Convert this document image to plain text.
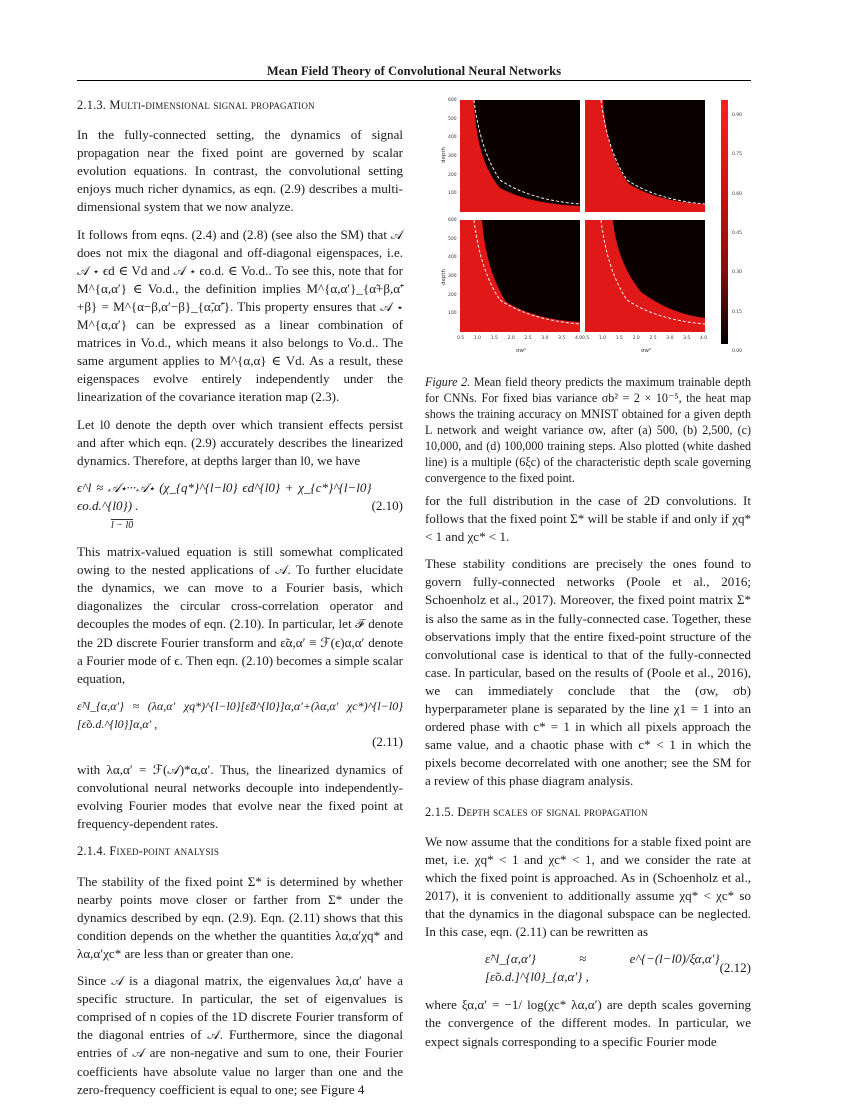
Mean Field Theory of Convolutional Neural Networks
2.1.3. Multi-dimensional signal propagation

In the fully-connected setting, the dynamics of signal propagation near the fixed point are governed by scalar evolution equations. In contrast, the convolutional setting enjoys much richer dynamics, as eqn. (2.9) describes a multi-dimensional system that we now analyze.

It follows from eqns. (2.4) and (2.8) (see also the SM) that 𝒜 does not mix the diagonal and off-diagonal eigenspaces, i.e. 𝒜 ⋆ ϵd ∈ Vd and 𝒜 ⋆ ϵo.d. ∈ Vo.d.. To see this, note that for M^{α,α′} ∈ Vo.d., the definition implies M^{α,α′}_{α̃+β,α̃′+β} = M^{α−β,α′−β}_{α̃,α̃′}. This property ensures that 𝒜 ⋆ M^{α,α′} can be expressed as a linear combination of matrices in Vo.d., which means it also belongs to Vo.d.. The same argument applies to M^{α,α} ∈ Vd. As a result, these eigenspaces evolve entirely independently under the linearization of the covariance iteration map (2.3).

Let l0 denote the depth over which transient effects persist and after which eqn. (2.9) accurately describes the linearized dynamics. Therefore, at depths larger than l0, we have

ϵ^l ≈ 𝒜⋆···𝒜⋆ (χ_{q*}^{l−l0} ϵd^{l0} + χ_{c*}^{l−l0} ϵo.d.^{l0}) .

l − l0
(2.10)

This matrix-valued equation is still somewhat complicated owing to the nested applications of 𝒜. To further elucidate the dynamics, we can move to a Fourier basis, which diagonalizes the circular cross-correlation operator and decouples the modes of eqn. (2.10). In particular, let ℱ denote the 2D discrete Fourier transform and ε̃α,α′ ≡ ℱ(ϵ)α,α′ denote a Fourier mode of ϵ. Then eqn. (2.10) becomes a simple scalar equation,

ε̃^l_{α,α′} ≈ (λα,α′ χq*)^{l−l0}[ε̃d^{l0}]α,α′+(λα,α′ χc*)^{l−l0}[ε̃o.d.^{l0}]α,α′ ,
(2.11)

with λα,α′ = ℱ(𝒜)*α,α′. Thus, the linearized dynamics of convolutional neural networks decouple into independently-evolving Fourier modes that evolve near the fixed point at frequency-dependent rates.

2.1.4. Fixed-point analysis

The stability of the fixed point Σ* is determined by whether nearby points move closer or farther from Σ* under the dynamics described by eqn. (2.9). Eqn. (2.11) shows that this condition depends on the whether the quantities λα,α′χq* and λα,α′χc* are less than or greater than one.

Since 𝒜 is a diagonal matrix, the eigenvalues λα,α′ have a specific structure. In particular, the set of eigenvalues is comprised of n copies of the 1D discrete Fourier transform of the diagonal entries of 𝒜. Furthermore, since the diagonal entries of 𝒜 are non-negative and sum to one, their Fourier coefficients have absolute value no larger than one and the zero-frequency coefficient is equal to one; see Figure 4

depth
depth
σw²	σw²
600
500
400
300
200
100
600
500
400
300
200
100
0.5 1.0 1.5 2.0 2.5 3.0 3.5 4.0 0.5 1.0 1.5 2.0 2.5 3.0 3.5 4.0
0.90
0.75
0.60
0.45
0.30
0.15
0.00
Figure 2. Mean field theory predicts the maximum trainable depth for CNNs. For fixed bias variance σb² = 2 × 10⁻⁵, the heat map shows the training accuracy on MNIST obtained for a given depth L network and weight variance σw, after (a) 500, (b) 2,500, (c) 10,000, and (d) 100,000 training steps. Also plotted (white dashed line) is a multiple (6ξc) of the characteristic depth scale governing convergence to the fixed point.

for the full distribution in the case of 2D convolutions. It follows that the fixed point Σ* will be stable if and only if χq* < 1 and χc* < 1.

These stability conditions are precisely the ones found to govern fully-connected networks (Poole et al., 2016; Schoenholz et al., 2017). Moreover, the fixed point matrix Σ* is also the same as in the fully-connected case. Together, these observations imply that the entire fixed-point structure of the convolutional case is identical to that of the fully-connected case. In particular, based on the results of (Poole et al., 2016), we can immediately conclude that the (σw, σb) hyperparameter plane is separated by the line χ1 = 1 into an ordered phase with c* = 1 in which all pixels approach the same value, and a chaotic phase with c* < 1 in which the pixels become decorrelated with one another; see the SM for a review of this phase diagram analysis.

2.1.5. Depth scales of signal propagation

We now assume that the conditions for a stable fixed point are met, i.e. χq* < 1 and χc* < 1, and we consider the rate at which the fixed point is approached. As in (Schoenholz et al., 2017), it is convenient to additionally assume χq* < χc* so that the dynamics in the diagonal subspace can be neglected. In this case, eqn. (2.11) can be rewritten as

ε̃^l_{α,α′} ≈ e^{−(l−l0)/ξα,α′} [ε̃o.d.]^{l0}_{α,α′} ,
(2.12)

where ξα,α′ = −1/ log(χc* λα,α′) are depth scales governing the convergence of the different modes. In particular, we expect signals corresponding to a specific Fourier mode
